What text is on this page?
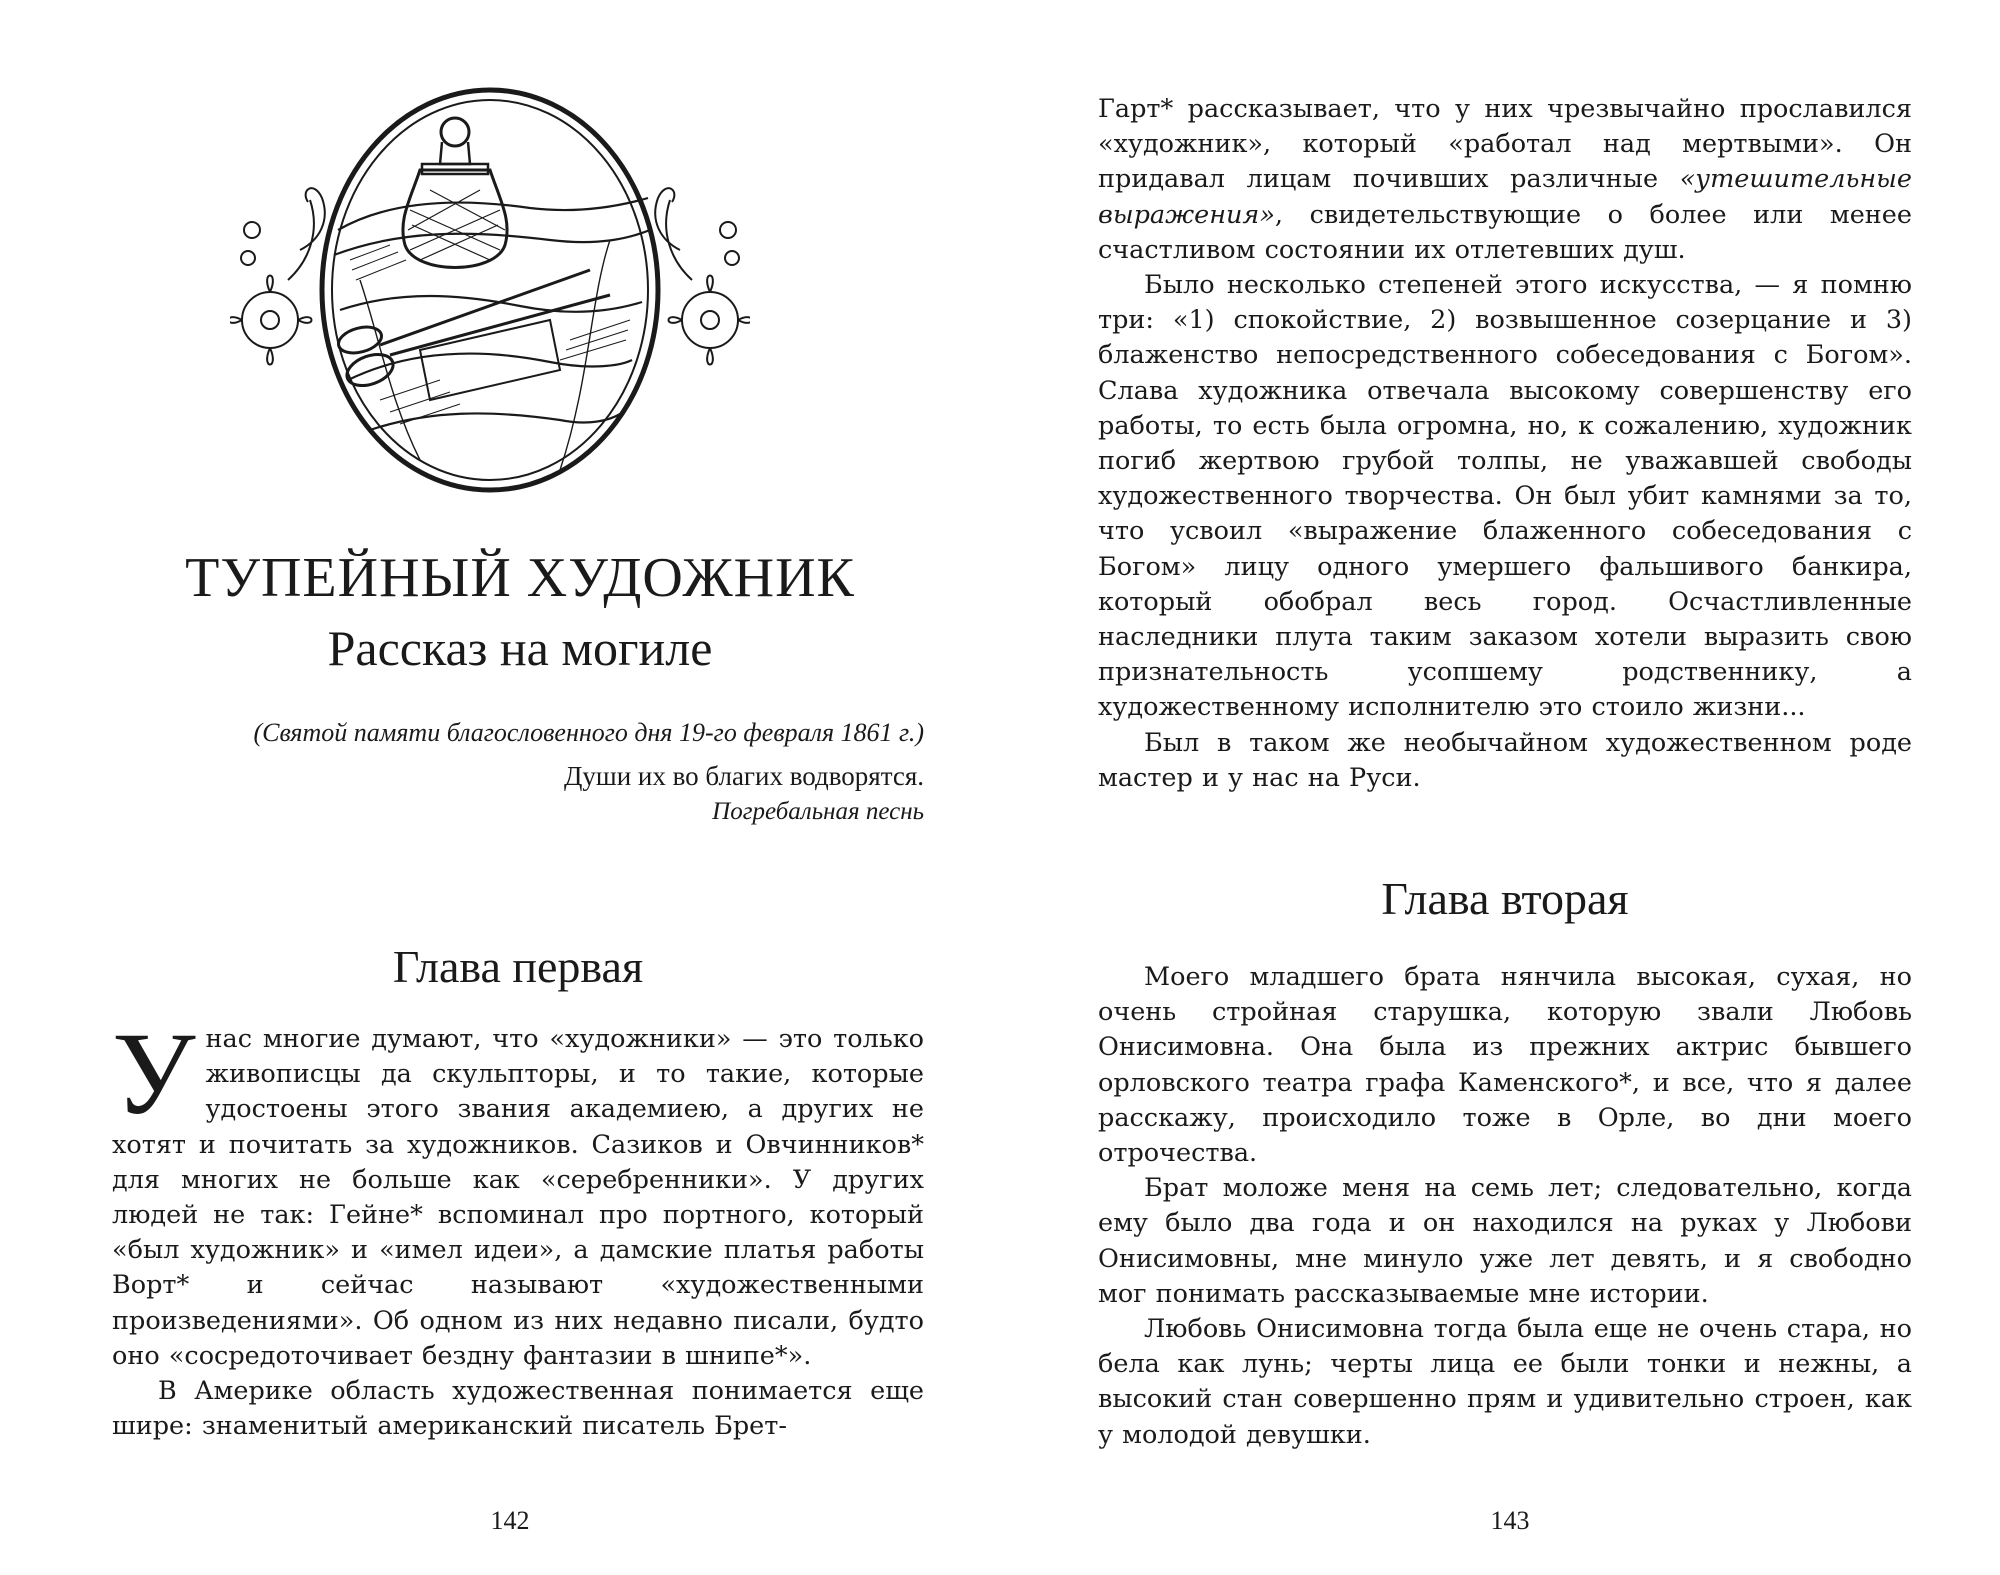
ТУПЕЙНЫЙ ХУДОЖНИК
Рассказ на могиле
(Святой памяти благословенного дня 19-го февраля 1861 г.)
Души их во благих водворятся.
Погребальная песнь
Глава первая

У нас многие думают, что «художники» — это только живописцы да скульпторы, и то такие, которые удостоены этого звания академиею, а других не хотят и почитать за художников. Сазиков и Овчинников* для многих не больше как «серебренники». У других людей не так: Гейне* вспоминал про портного, который «был художник» и «имел идеи», а дамские платья работы Ворт* и сейчас называют «художественными произведениями». Об одном из них недавно писали, будто оно «сосредоточивает бездну фантазии в шнипе*».

В Америке область художественная понимается еще шире: знаменитый американский писатель Брет-

142

Гарт* рассказывает, что у них чрезвычайно прославился «художник», который «работал над мертвыми». Он придавал лицам почивших различные «утешительные выражения», свидетельствующие о более или менее счастливом состоянии их отлетевших душ.

Было несколько степеней этого искусства, — я помню три: «1) спокойствие, 2) возвышенное созерцание и 3) блаженство непосредственного собеседования с Богом». Слава художника отвечала высокому совершенству его работы, то есть была огромна, но, к сожалению, художник погиб жертвою грубой толпы, не уважавшей свободы художественного творчества. Он был убит камнями за то, что усвоил «выражение блаженного собеседования с Богом» лицу одного умершего фальшивого банкира, который обобрал весь город. Осчастливленные наследники плута таким заказом хотели выразить свою признательность усопшему родственнику, а художественному исполнителю это стоило жизни...

Был в таком же необычайном художественном роде мастер и у нас на Руси.

Глава вторая

Моего младшего брата нянчила высокая, сухая, но очень стройная старушка, которую звали Любовь Онисимовна. Она была из прежних актрис бывшего орловского театра графа Каменского*, и все, что я далее расскажу, происходило тоже в Орле, во дни моего отрочества.

Брат моложе меня на семь лет; следовательно, когда ему было два года и он находился на руках у Любови Онисимовны, мне минуло уже лет девять, и я свободно мог понимать рассказываемые мне истории.

Любовь Онисимовна тогда была еще не очень стара, но бела как лунь; черты лица ее были тонки и нежны, а высокий стан совершенно прям и удивительно строен, как у молодой девушки.

143
